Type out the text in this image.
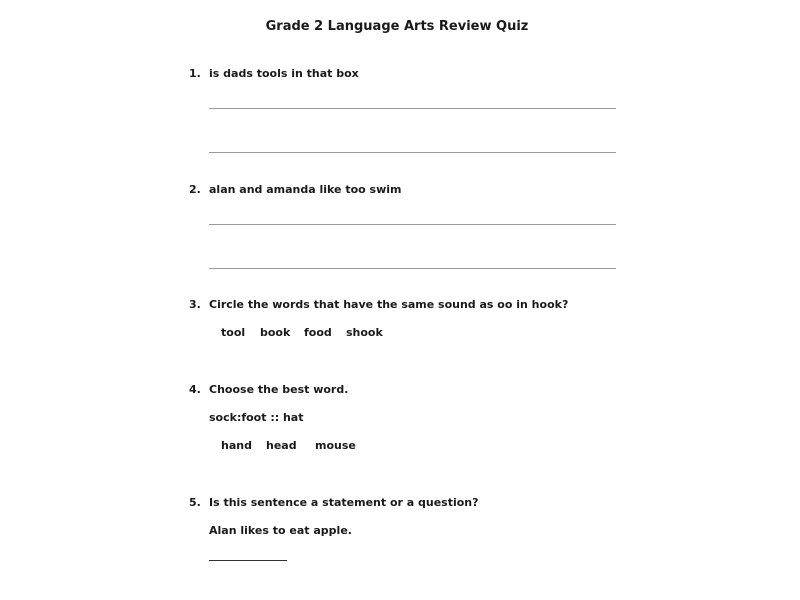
Grade 2 Language Arts Review Quiz
1. is dads tools in that box
2. alan and amanda like too swim
3. Circle the words that have the same sound as oo in hook?
tool book food shook
4. Choose the best word.
sock:foot :: hat
hand head mouse
5. Is this sentence a statement or a question?
Alan likes to eat apple.
